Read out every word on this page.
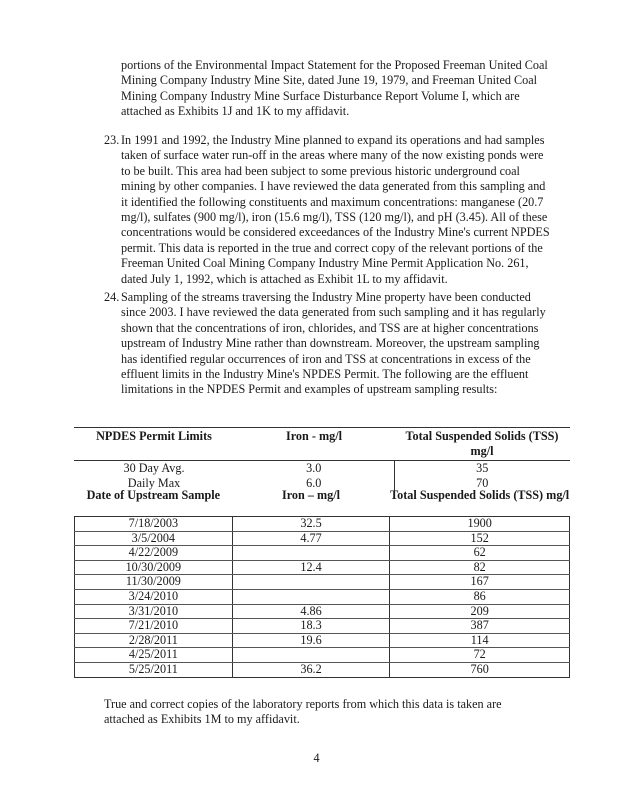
portions of the Environmental Impact Statement for the Proposed Freeman United Coal Mining Company Industry Mine Site, dated June 19, 1979, and Freeman United Coal Mining Company Industry Mine Surface Disturbance Report Volume I, which are attached as Exhibits 1J and 1K to my affidavit.

23. In 1991 and 1992, the Industry Mine planned to expand its operations and had samples taken of surface water run-off in the areas where many of the now existing ponds were to be built. This area had been subject to some previous historic underground coal mining by other companies. I have reviewed the data generated from this sampling and it identified the following constituents and maximum concentrations: manganese (20.7 mg/l), sulfates (900 mg/l), iron (15.6 mg/l), TSS (120 mg/l), and pH (3.45). All of these concentrations would be considered exceedances of the Industry Mine's current NPDES permit. This data is reported in the true and correct copy of the relevant portions of the Freeman United Coal Mining Company Industry Mine Permit Application No. 261, dated July 1, 1992, which is attached as Exhibit 1L to my affidavit.
24. Sampling of the streams traversing the Industry Mine property have been conducted since 2003. I have reviewed the data generated from such sampling and it has regularly shown that the concentrations of iron, chlorides, and TSS are at higher concentrations upstream of Industry Mine rather than downstream. Moreover, the upstream sampling has identified regular occurrences of iron and TSS at concentrations in excess of the effluent limits in the Industry Mine's NPDES Permit. The following are the effluent limitations in the NPDES Permit and examples of upstream sampling results:
NPDES Permit Limits	Iron - mg/l	Total Suspended Solids (TSS) mg/l
30 Day Avg.	3.0	35
Daily Max	6.0	70
Date of Upstream Sample	Iron – mg/l	Total Suspended Solids (TSS) mg/l
7/18/2003	32.5	1900
3/5/2004	4.77	152
4/22/2009		62
10/30/2009	12.4	82
11/30/2009		167
3/24/2010		86
3/31/2010	4.86	209
7/21/2010	18.3	387
2/28/2011	19.6	114
4/25/2011		72
5/25/2011	36.2	760

True and correct copies of the laboratory reports from which this data is taken are attached as Exhibits 1M to my affidavit.

4
